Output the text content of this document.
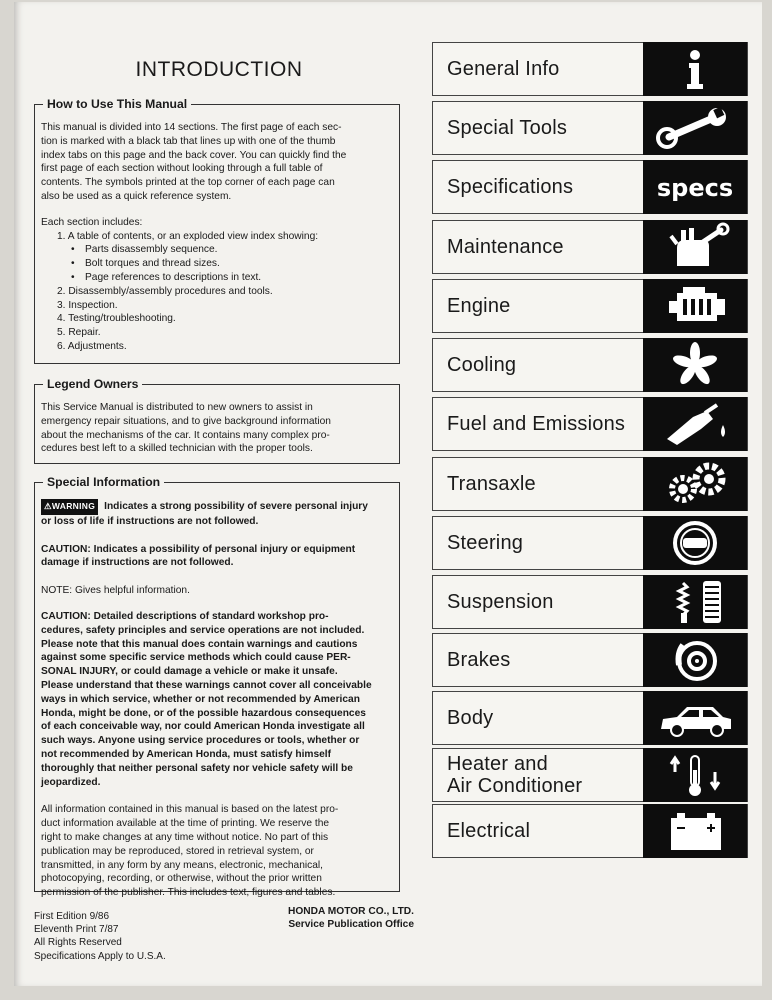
INTRODUCTION
How to Use This Manual
This manual is divided into 14 sections. The first page of each sec-
tion is marked with a black tab that lines up with one of the thumb
index tabs on this page and the back cover. You can quickly find the
first page of each section without looking through a full table of
contents. The symbols printed at the top corner of each page can
also be used as a quick reference system.

Each section includes:

1. A table of contents, or an exploded view index showing:
• Parts disassembly sequence.
• Bolt torques and thread sizes.
• Page references to descriptions in text.
2. Disassembly/assembly procedures and tools.
3. Inspection.
4. Testing/troubleshooting.
5. Repair.
6. Adjustments.
Legend Owners
This Service Manual is distributed to new owners to assist in
emergency repair situations, and to give background information
about the mechanisms of the car. It contains many complex pro-
cedures best left to a skilled technician with the proper tools.
Special Information
⚠WARNING Indicates a strong possibility of severe personal injury
or loss of life if instructions are not followed.
CAUTION: Indicates a possibility of personal injury or equipment
damage if instructions are not followed.

NOTE: Gives helpful information.

CAUTION: Detailed descriptions of standard workshop pro-
cedures, safety principles and service operations are not included.
Please note that this manual does contain warnings and cautions
against some specific service methods which could cause PER-
SONAL INJURY, or could damage a vehicle or make it unsafe.
Please understand that these warnings cannot cover all conceivable
ways in which service, whether or not recommended by American
Honda, might be done, or of the possible hazardous consequences
of each conceivable way, nor could American Honda investigate all
such ways. Anyone using service procedures or tools, whether or
not recommended by American Honda, must satisfy himself
thoroughly that neither personal safety nor vehicle safety will be
jeopardized.
All information contained in this manual is based on the latest pro-
duct information available at the time of printing. We reserve the
right to make changes at any time without notice. No part of this
publication may be reproduced, stored in retrieval system, or
transmitted, in any form by any means, electronic, mechanical,
photocopying, recording, or otherwise, without the prior written
permission of the publisher. This includes text, figures and tables.
First Edition 9/86
Eleventh Print 7/87
All Rights Reserved
Specifications Apply to U.S.A.
HONDA MOTOR CO., LTD.
Service Publication Office
General Info
Special Tools
Specifications	specs
Maintenance
Engine
Cooling
Fuel and Emissions
Transaxle
Steering
Suspension
Brakes
Body
Heater and
Air Conditioner
Electrical
